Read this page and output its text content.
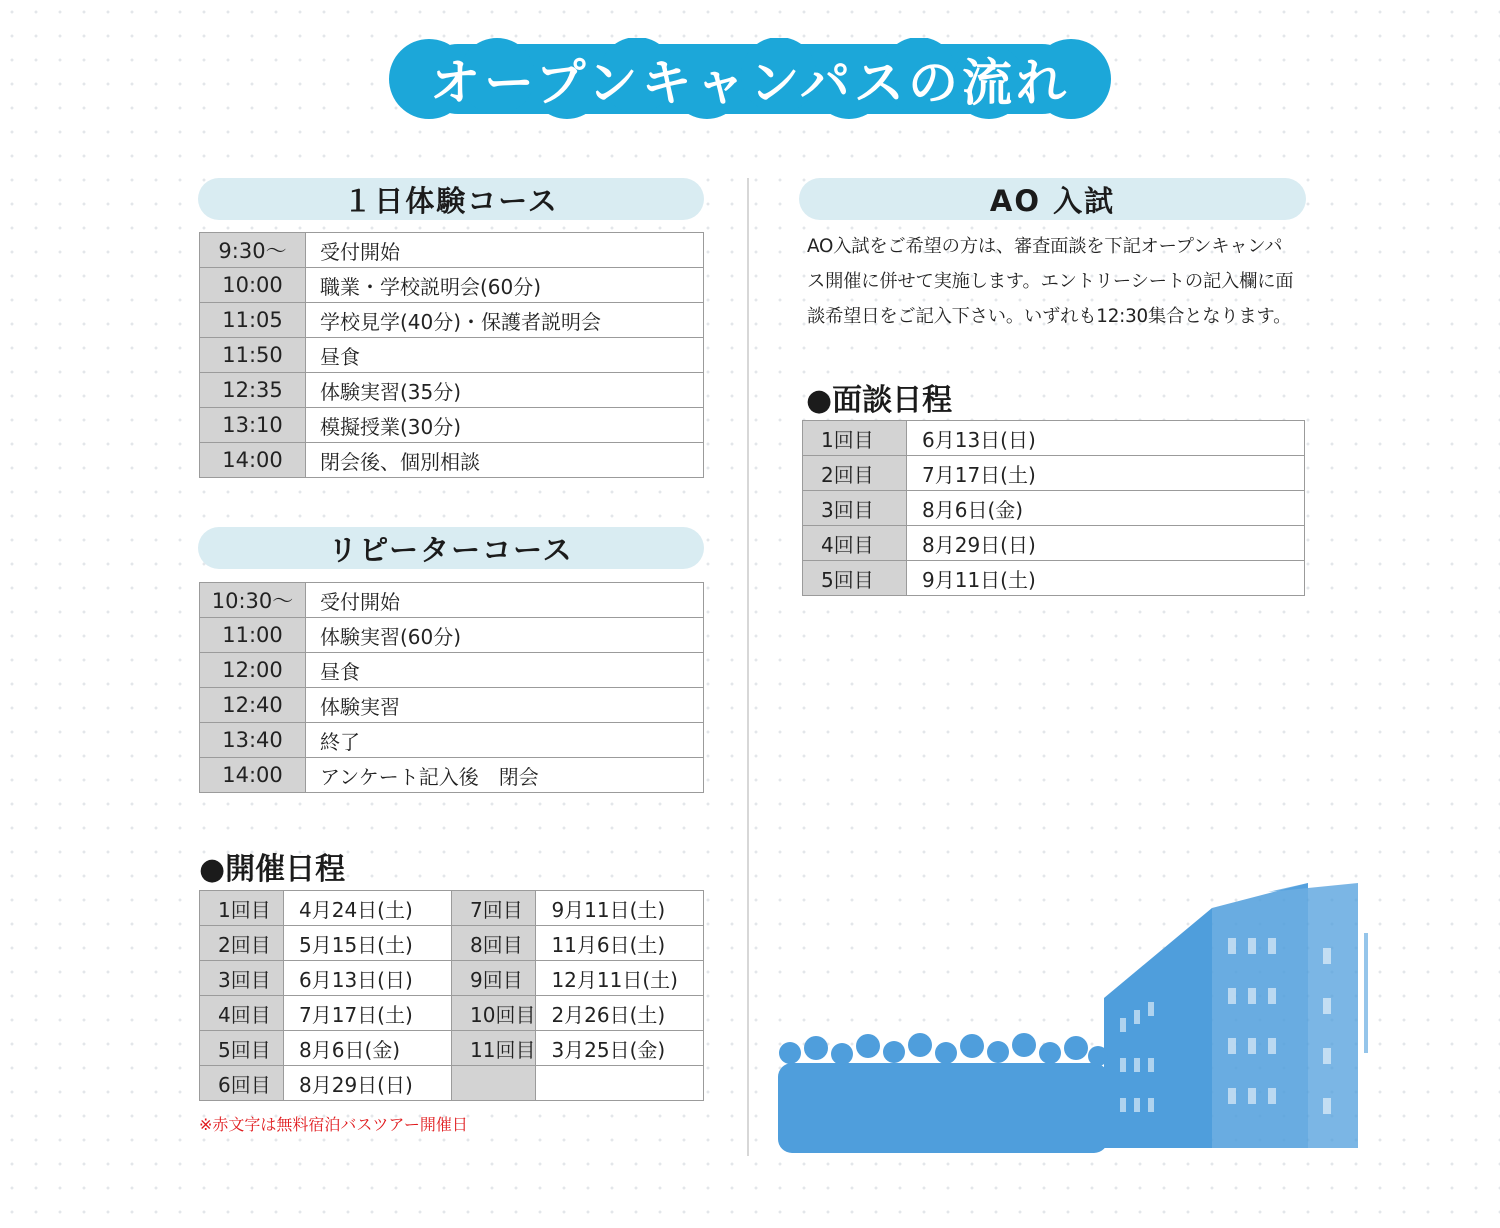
オープンキャンパスの流れ
１日体験コース
9:30〜	受付開始
10:00	職業・学校説明会(60分)
11:05	学校見学(40分)・保護者説明会
11:50	昼食
12:35	体験実習(35分)
13:10	模擬授業(30分)
14:00	閉会後、個別相談
リピーターコース
10:30〜	受付開始
11:00	体験実習(60分)
12:00	昼食
12:40	体験実習
13:40	終了
14:00	アンケート記入後　閉会
●開催日程
1回目	4月24日(土)	7回目	9月11日(土)
2回目	5月15日(土)	8回目	11月6日(土)
3回目	6月13日(日)	9回目	12月11日(土)
4回目	7月17日(土)	10回目	2月26日(土)
5回目	8月6日(金)	11回目	3月25日(金)
6回目	8月29日(日)		
※赤文字は無料宿泊バスツアー開催日
AO 入試
AO入試をご希望の方は、審査面談を下記オープンキャンパ
ス開催に併せて実施します。エントリーシートの記入欄に面
談希望日をご記入下さい。いずれも12:30集合となります。
●面談日程
1回目	6月13日(日)
2回目	7月17日(土)
3回目	8月6日(金)
4回目	8月29日(日)
5回目	9月11日(土)
